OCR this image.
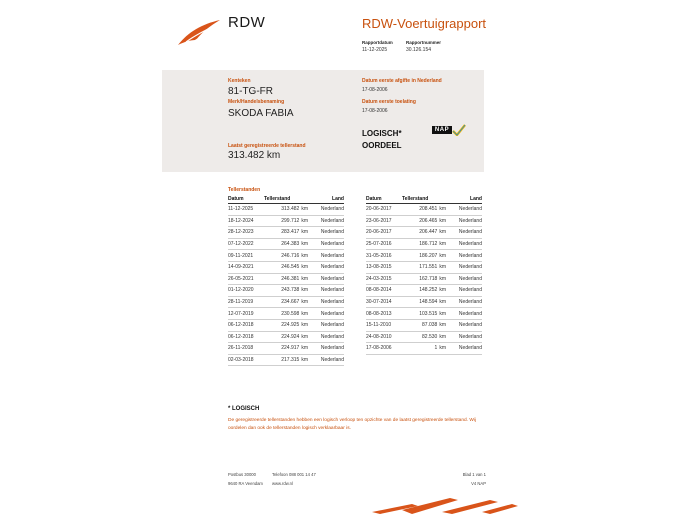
RDW	RDW-Voertuigrapport
Rapportdatum
11-12-2025
Rapportnummer
30.126.154
Kenteken
81-TG-FR
Merk/Handelsbenaming
SKODA FABIA
Laatst geregistreerde tellerstand
313.482 km
Datum eerste afgifte in Nederland
17-08-2006
Datum eerste toelating
17-08-2006
LOGISCH*
OORDEEL
NAP
Tellerstanden
Datum	Tellerstand	Land
11-12-2025	313.482 km	Nederland
18-12-2024	299.712 km	Nederland
28-12-2023	283.417 km	Nederland
07-12-2022	264.383 km	Nederland
09-11-2021	246.716 km	Nederland
14-09-2021	246.545 km	Nederland
26-05-2021	246.381 km	Nederland
01-12-2020	243.738 km	Nederland
28-11-2019	234.667 km	Nederland
12-07-2019	230.598 km	Nederland
06-12-2018	224.925 km	Nederland
06-12-2018	224.924 km	Nederland
26-11-2018	224.917 km	Nederland
02-03-2018	217.315 km	Nederland
Datum	Tellerstand	Land
20-06-2017	208.451 km	Nederland
23-06-2017	206.465 km	Nederland
20-06-2017	206.447 km	Nederland
25-07-2016	186.712 km	Nederland
31-05-2016	186.207 km	Nederland
13-08-2015	171.551 km	Nederland
24-03-2015	162.718 km	Nederland
08-08-2014	148.252 km	Nederland
30-07-2014	148.594 km	Nederland
08-08-2013	103.515 km	Nederland
15-11-2010	87.038 km	Nederland
24-08-2010	82.530 km	Nederland
17-08-2006	1 km	Nederland
* LOGISCH
De geregistreerde tellerstanden hebben een logisch verloop ten opzichte van de laatst geregistreerde tellerstand. Wij oordelen dan ook de tellerstanden logisch verklaarbaar is.
Postbus 30000
9640 RA Veendam
Telefoon 088 001 14 47
www.rdw.nl
Blad 1 van 1
V4 NAP
